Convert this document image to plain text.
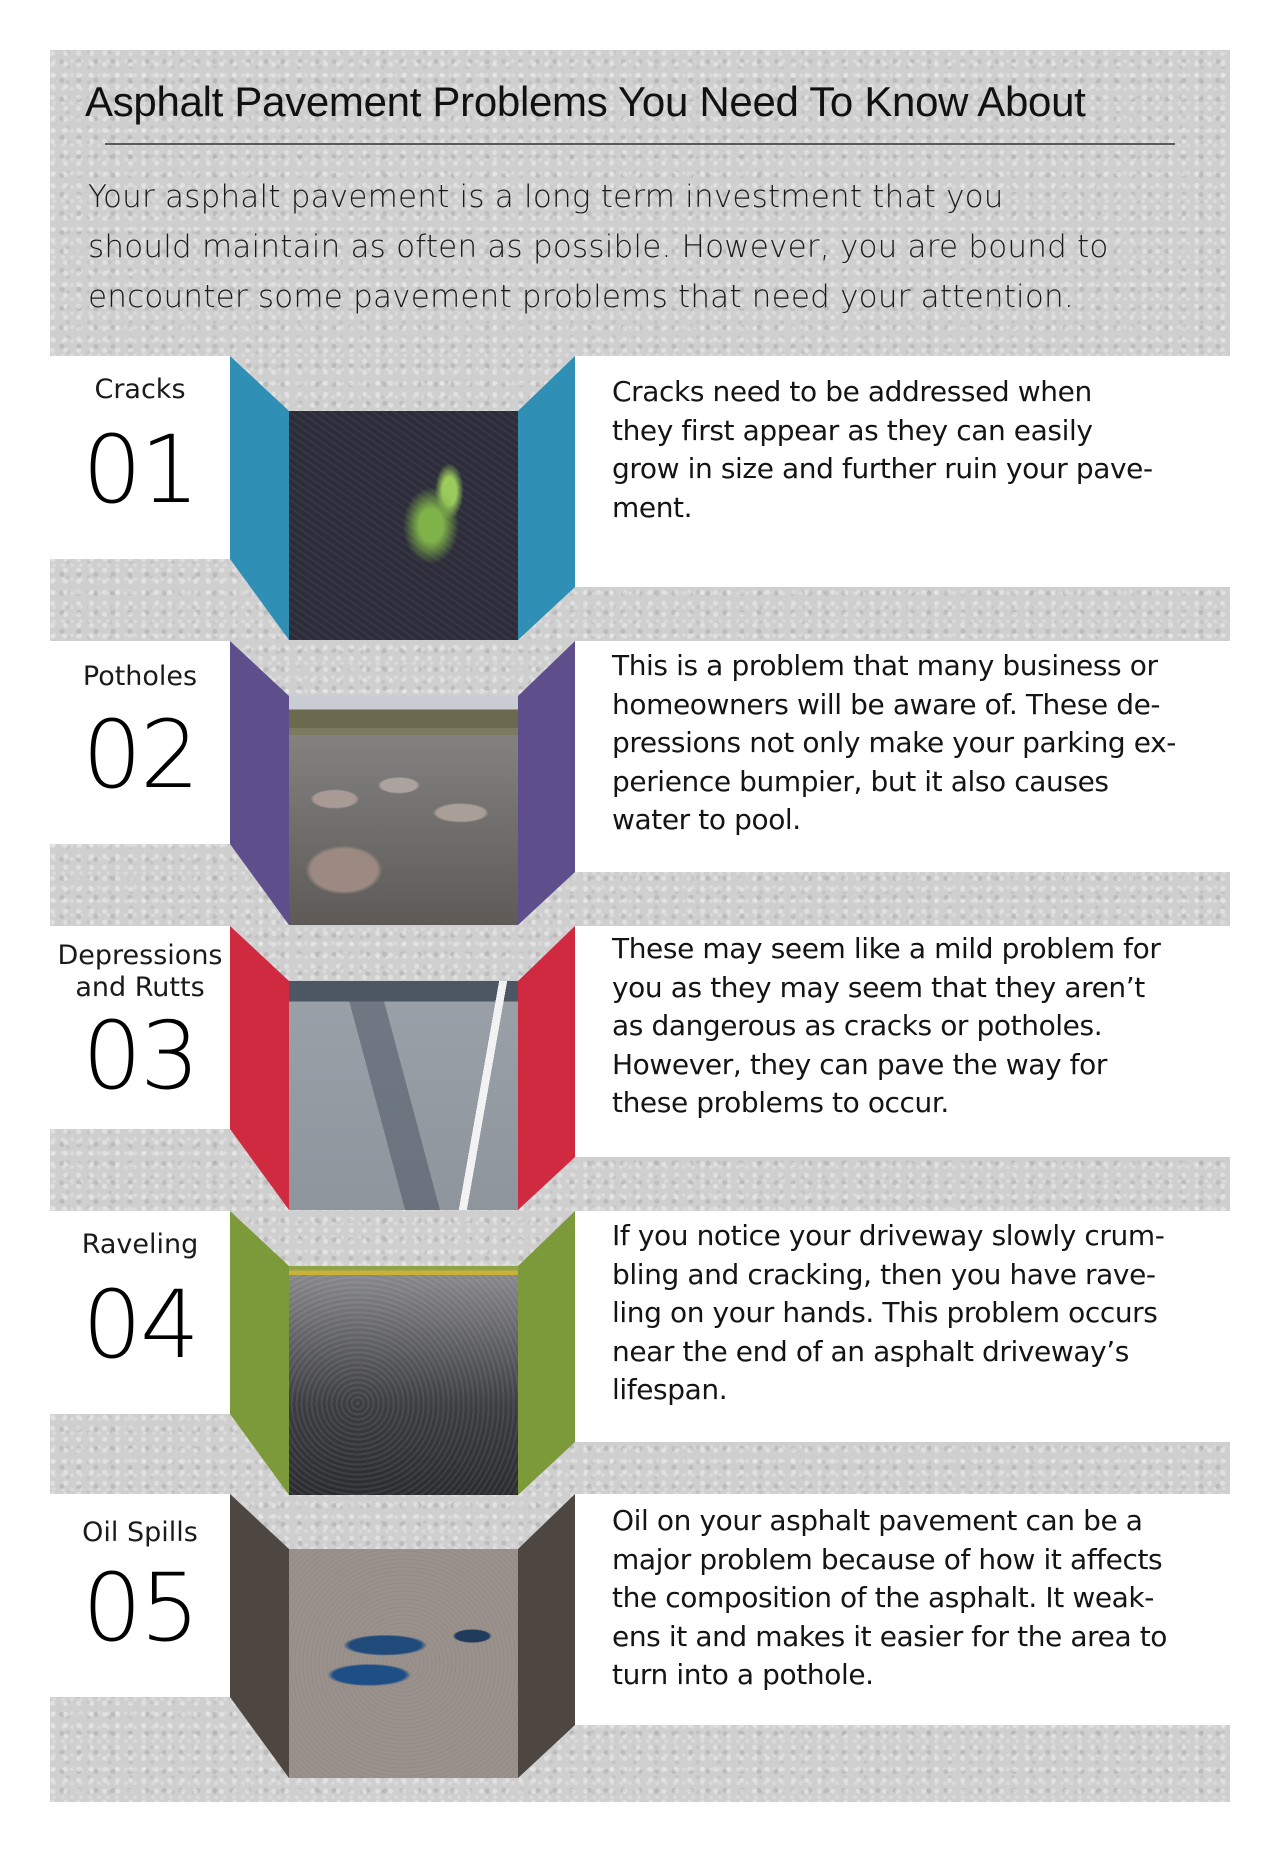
Asphalt Pavement Problems You Need To Know About
Your asphalt pavement is a long term investment that you
should maintain as often as possible. However, you are bound to
encounter some pavement problems that need your attention.
Cracks
01
Cracks need to be addressed when
they first appear as they can easily
grow in size and further ruin your pave-
ment.
Potholes
02
This is a problem that many business or
homeowners will be aware of. These de-
pressions not only make your parking ex-
perience bumpier, but it also causes
water to pool.
Depressions
and Rutts
03
These may seem like a mild problem for
you as they may seem that they aren’t
as dangerous as cracks or potholes.
However, they can pave the way for
these problems to occur.
Raveling
04
If you notice your driveway slowly crum-
bling and cracking, then you have rave-
ling on your hands. This problem occurs
near the end of an asphalt driveway’s
lifespan.
Oil Spills
05
Oil on your asphalt pavement can be a
major problem because of how it affects
the composition of the asphalt. It weak-
ens it and makes it easier for the area to
turn into a pothole.
